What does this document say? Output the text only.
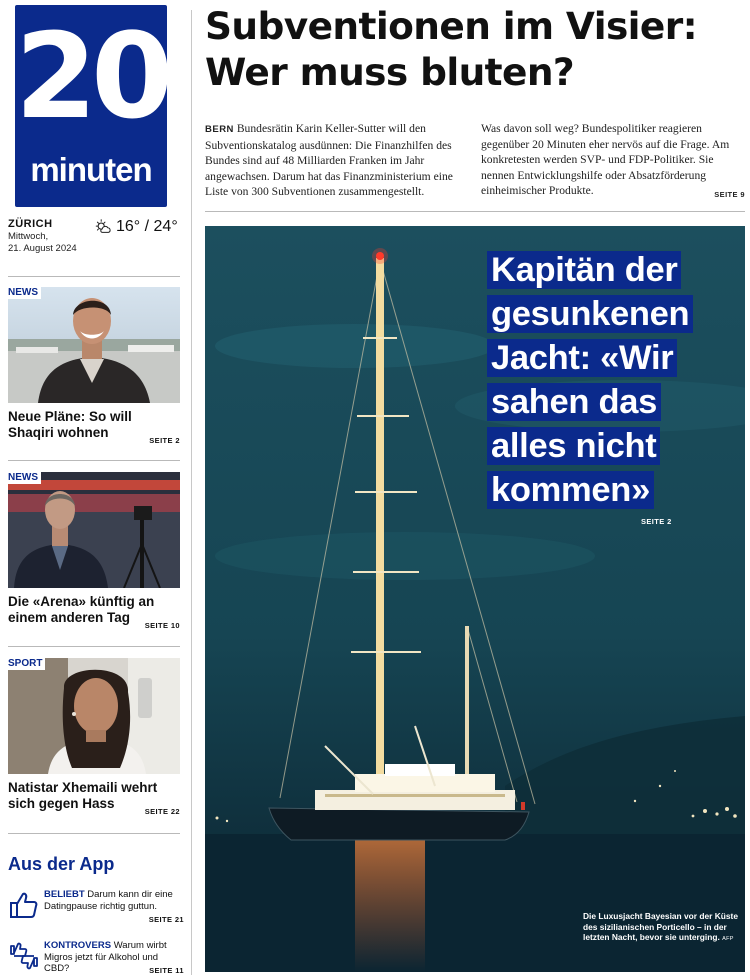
20
minuten
ZÜRICH
Mittwoch,
21. August 2024
16° / 24°
NEWS
Neue Pläne: So will Shaqiri wohnen
SEITE 2
NEWS
Die «Arena» künftig an einem anderen Tag
SEITE 10
SPORT
Natistar Xhemaili wehrt sich gegen Hass
SEITE 22
Aus der App
BELIEBT Darum kann dir eine Datingpause richtig guttun.
SEITE 21
KONTROVERS Warum wirbt Migros jetzt für Alkohol und CBD?	SEITE 11
Subventionen im Visier:
Wer muss bluten?

BERN Bundesrätin Karin Keller-Sutter will den Subventionskatalog ausdünnen: Die Finanzhilfen des Bundes sind auf 48 Milliarden Franken im Jahr angewachsen. Darum hat das Finanzministerium eine Liste von 300 Subventionen zusammengestellt.

Was davon soll weg? Bundespolitiker reagieren gegenüber 20 Minuten eher nervös auf die Frage. Am konkretesten werden SVP- und FDP-Politiker. Sie nennen Entwicklungshilfe oder Absatzförderung einheimischer Produkte.	SEITE 9

Kapitän der gesunkenen Jacht: «Wir sahen das alles nicht kommen»
SEITE 2
Die Luxusjacht Bayesian vor der Küste des sizilianischen Porticello – in der letzten Nacht, bevor sie unterging. AFP
